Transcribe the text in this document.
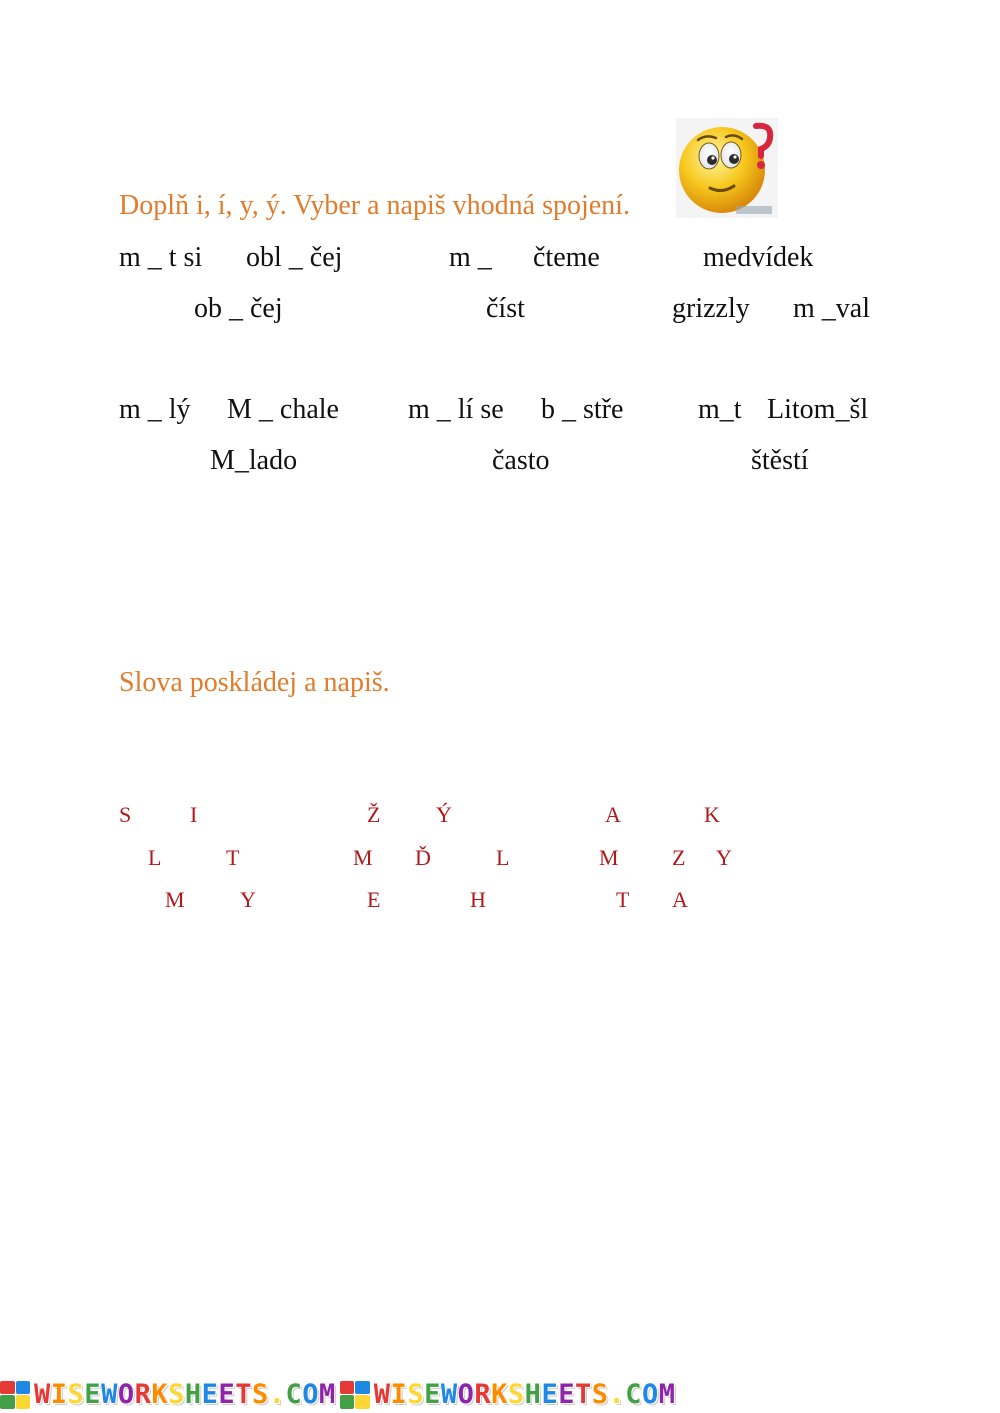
Doplň i, í, y, ý. Vyber a napiš vhodná spojení.
m _ t si obl _ čej	m _ čteme	medvídek
ob _ čej	číst	grizzly m _val
m _ lý M _ chale m _ lí se b _ stře	m_t Litom_šl
M_lado	často	štěstí
Slova poskládej a napiš.
S	I	Ž	Ý	A	K
L	T	M Ď	L	M Z Y
M	Y	E	H	T A
WISEWORKSHEETS.COM WISEWORKSHEETS.COM
